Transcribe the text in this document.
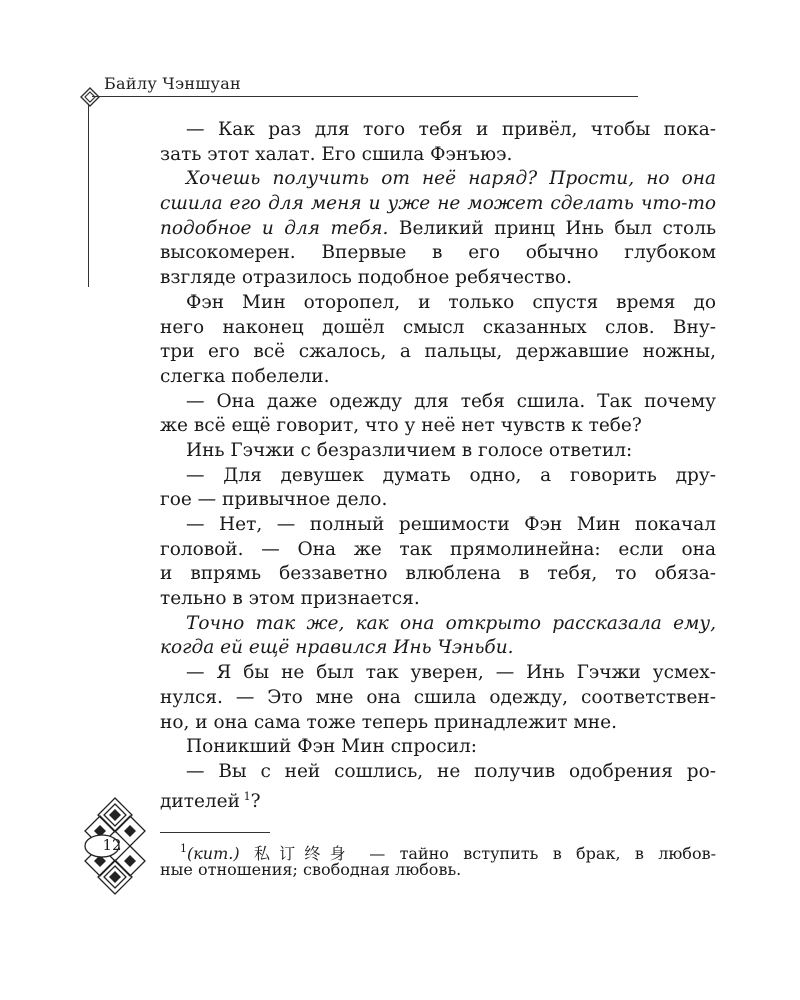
Байлу Чэншуан
— Как раз для того тебя и привёл, чтобы пока-
зать этот халат. Его сшила Фэнъюэ.
Хочешь получить от неё наряд? Прости, но она
сшила его для меня и уже не может сделать что-то
подобное и для тебя. Великий принц Инь был столь
высокомерен. Впервые в его обычно глубоком
взгляде отразилось подобное ребячество.
Фэн Мин оторопел, и только спустя время до
него наконец дошёл смысл сказанных слов. Вну-
три его всё сжалось, а пальцы, державшие ножны,
слегка побелели.
— Она даже одежду для тебя сшила. Так почему
же всё ещё говорит, что у неё нет чувств к тебе?
Инь Гэчжи с безразличием в голосе ответил:
— Для девушек думать одно, а говорить дру-
гое — привычное дело.
— Нет, — полный решимости Фэн Мин покачал
головой. — Она же так прямолинейна: если она
и впрямь беззаветно влюблена в тебя, то обяза-
тельно в этом признается.
Точно так же, как она открыто рассказала ему,
когда ей ещё нравился Инь Чэньби.
— Я бы не был так уверен, — Инь Гэчжи усмех-
нулся. — Это мне она сшила одежду, соответствен-
но, и она сама тоже теперь принадлежит мне.
Поникший Фэн Мин спросил:
— Вы с ней сошлись, не получив одобрения ро-
дителей  $^1$?
$^1$(кит.) 私订终身 — тайно вступить в брак, в любов-
ные отношения; свободная любовь.
12
